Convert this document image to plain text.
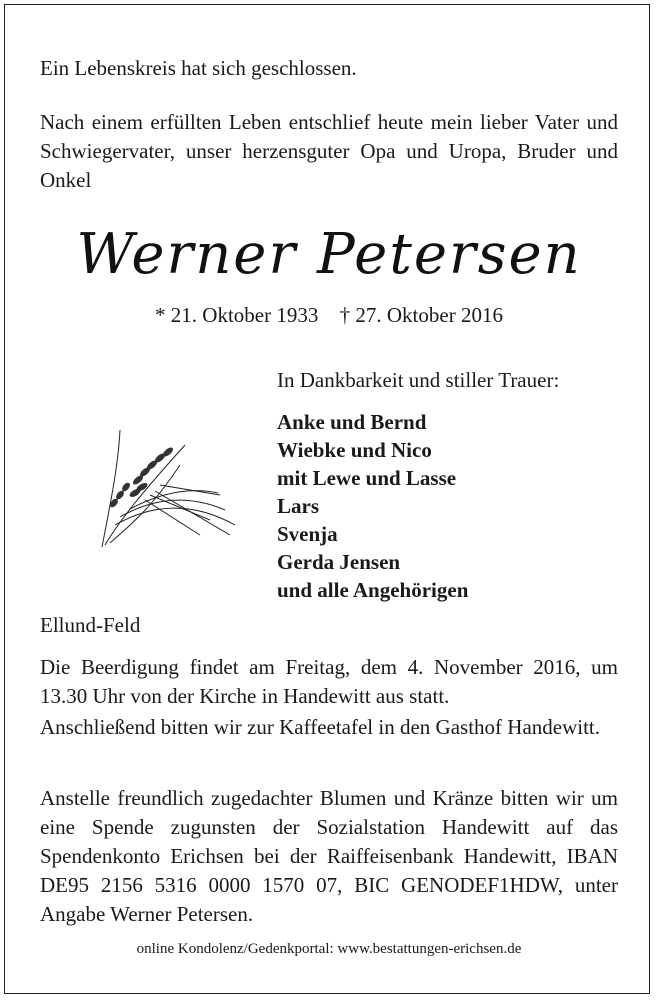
Ein Lebenskreis hat sich geschlossen.

Nach einem erfüllten Leben entschlief heute mein lieber Vater und Schwiegervater, unser herzensguter Opa und Uropa, Bruder und Onkel

Werner Petersen
* 21. Oktober 1933 † 27. Oktober 2016
In Dankbarkeit und stiller Trauer:
Anke und Bernd
Wiebke und Nico
mit Lewe und Lasse
Lars
Svenja
Gerda Jensen
und alle Angehörigen
Ellund-Feld

Die Beerdigung findet am Freitag, dem 4. November 2016, um 13.30 Uhr von der Kirche in Handewitt aus statt.

Anschließend bitten wir zur Kaffeetafel in den Gasthof Handewitt.

Anstelle freundlich zugedachter Blumen und Kränze bitten wir um eine Spende zugunsten der Sozialstation Handewitt auf das Spendenkonto Erichsen bei der Raiffeisenbank Handewitt, IBAN DE95 2156 5316 0000 1570 07, BIC GENODEF1HDW, unter Angabe Werner Petersen.

online Kondolenz/Gedenkportal: www.bestattungen-erichsen.de
